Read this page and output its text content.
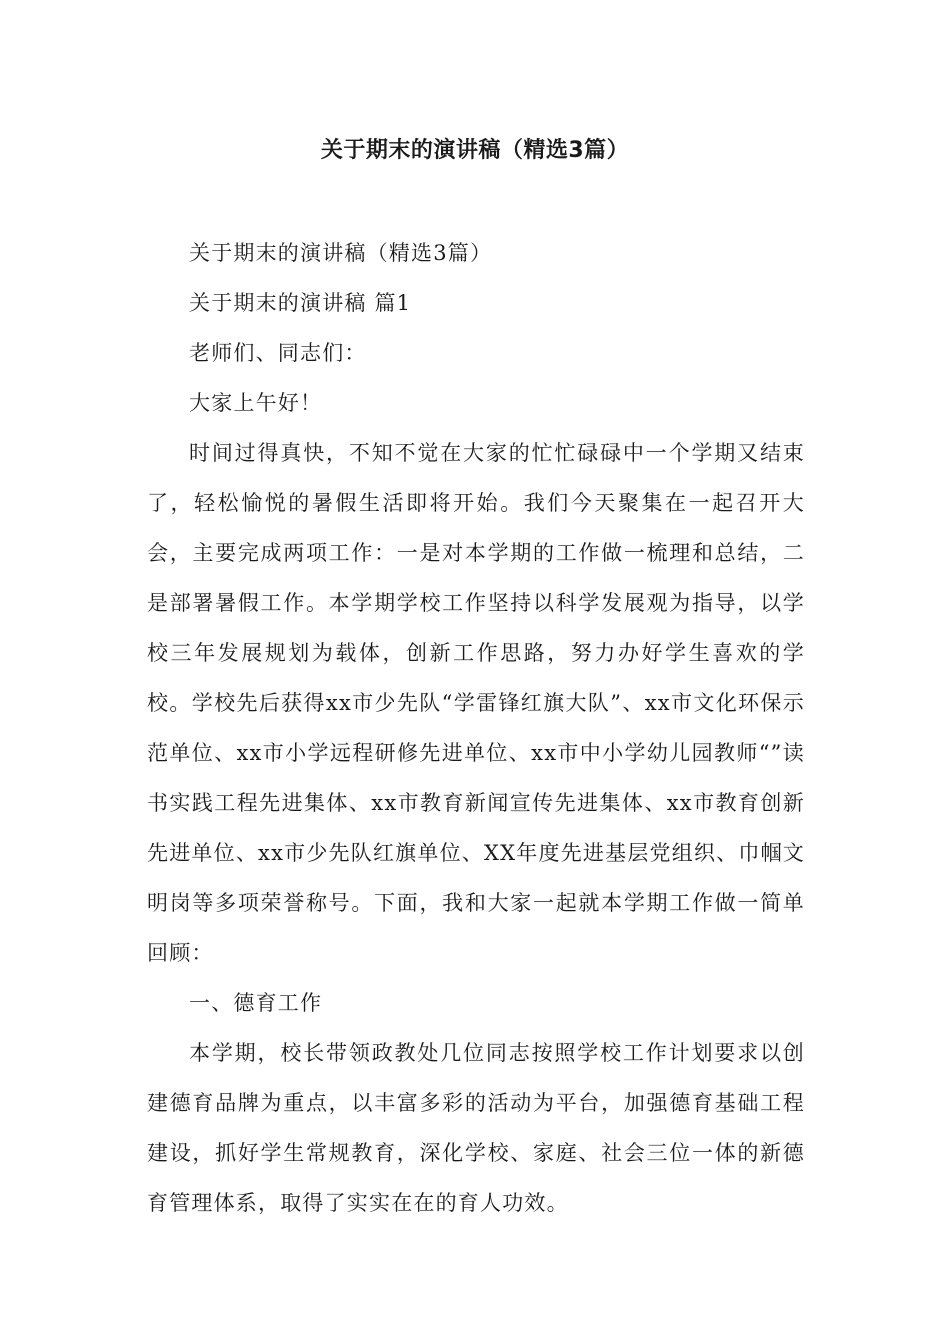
关于期末的演讲稿（精选3篇）

关于期末的演讲稿（精选3篇）

关于期末的演讲稿 篇1

老师们、同志们：

大家上午好！

时间过得真快，不知不觉在大家的忙忙碌碌中一个学期又结束了，轻松愉悦的暑假生活即将开始。我们今天聚集在一起召开大会，主要完成两项工作：一是对本学期的工作做一梳理和总结，二是部署暑假工作。本学期学校工作坚持以科学发展观为指导，以学校三年发展规划为载体，创新工作思路，努力办好学生喜欢的学校。学校先后获得xx市少先队“学雷锋红旗大队”、xx市文化环保示范单位、xx市小学远程研修先进单位、xx市中小学幼儿园教师“”读书实践工程先进集体、xx市教育新闻宣传先进集体、xx市教育创新先进单位、xx市少先队红旗单位、XX年度先进基层党组织、巾帼文明岗等多项荣誉称号。下面，我和大家一起就本学期工作做一简单回顾：

一、德育工作

本学期，校长带领政教处几位同志按照学校工作计划要求以创建德育品牌为重点，以丰富多彩的活动为平台，加强德育基础工程建设，抓好学生常规教育，深化学校、家庭、社会三位一体的新德育管理体系，取得了实实在在的育人功效。
